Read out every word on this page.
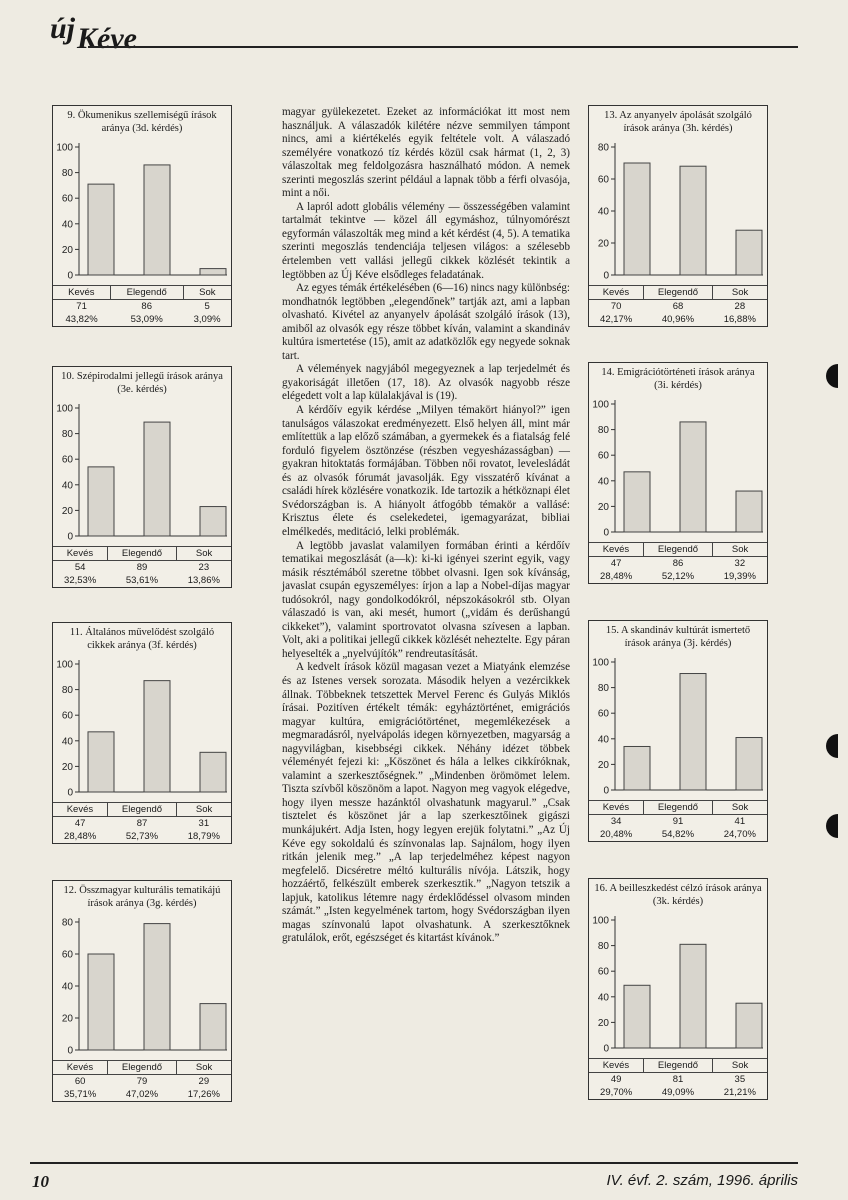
újKéve
9. Ökumenikus szellemiségű írások aránya (3d. kérdés)
100
80
60
40
20
0
Kevés	Elegendő	Sok
71	86	5
43,82%	53,09%	3,09%
10. Szépirodalmi jellegű írások aránya (3e. kérdés)
100
80
60
40
20
0
Kevés	Elegendő	Sok
54	89	23
32,53%	53,61%	13,86%
11. Általános művelődést szolgáló cikkek aránya (3f. kérdés)
100
80
60
40
20
0
Kevés	Elegendő	Sok
47	87	31
28,48%	52,73%	18,79%
12. Összmagyar kulturális tematikájú írások aránya (3g. kérdés)
80
60
40
20
0
Kevés	Elegendő	Sok
60	79	29
35,71%	47,02%	17,26%
13. Az anyanyelv ápolását szolgáló írások aránya (3h. kérdés)
80
60
40
20
0
Kevés	Elegendő	Sok
70	68	28
42,17%	40,96%	16,88%
14. Emigrációtörténeti írások aránya (3i. kérdés)
100
80
60
40
20
0
Kevés	Elegendő	Sok
47	86	32
28,48%	52,12%	19,39%
15. A skandináv kultúrát ismertető írások aránya (3j. kérdés)
100
80
60
40
20
0
Kevés	Elegendő	Sok
34	91	41
20,48%	54,82%	24,70%
16. A beilleszkedést célzó írások aránya (3k. kérdés)
100
80
60
40
20
0
Kevés	Elegendő	Sok
49	81	35
29,70%	49,09%	21,21%

magyar gyülekezetet. Ezeket az információkat itt most nem használjuk. A válaszadók kilétére nézve semmilyen támpont nincs, ami a kiértékelés egyik feltétele volt. A válaszadó személyére vonatkozó tíz kérdés közül csak hármat (1, 2, 3) válaszoltak meg feldolgozásra használható módon. A nemek szerinti megoszlás szerint például a lapnak több a férfi olvasója, mint a női.

A lapról adott globális vélemény — összességében valamint tartalmát tekintve — közel áll egymáshoz, túlnyomórészt egyformán válaszolták meg mind a két kérdést (4, 5). A tematika szerinti megoszlás tendenciája teljesen világos: a szélesebb értelemben vett vallási jellegű cikkek közlését tekintik a legtöbben az Új Kéve elsődleges feladatának.

Az egyes témák értékelésében (6—16) nincs nagy különbség: mondhatnók legtöbben „elegendőnek” tartják azt, ami a lapban olvasható. Kivétel az anyanyelv ápolását szolgáló írások (13), amiből az olvasók egy része többet kíván, valamint a skandináv kultúra ismertetése (15), amit az adatközlők egy negyede soknak tart.

A vélemények nagyjából megegyeznek a lap terjedelmét és gyakoriságát illetően (17, 18). Az olvasók nagyobb része elégedett volt a lap külalakjával is (19).

A kérdőív egyik kérdése „Milyen témakört hiányol?” igen tanulságos válaszokat eredményezett. Első helyen áll, mint már említettük a lap előző számában, a gyermekek és a fiatalság felé forduló figyelem ösztönzése (részben vegyesházasságban) — gyakran hitoktatás formájában. Többen női rovatot, levelesládát és az olvasók fórumát javasolják. Egy visszatérő kívánat a családi hírek közlésére vonatkozik. Ide tartozik a hétköznapi élet Svédországban is. A hiányolt átfogóbb témakör a vallásé: Krisztus élete és cselekedetei, igemagyarázat, bibliai elmélkedés, meditáció, lelki problémák.

A legtöbb javaslat valamilyen formában érinti a kérdőív tematikai megoszlását (a—k): ki-ki igényei szerint egyik, vagy másik résztémából szeretne többet olvasni. Igen sok kívánság, javaslat csupán egyszemélyes: írjon a lap a Nobel-díjas magyar tudósokról, nagy gondolkodókról, népszokásokról stb. Olyan válaszadó is van, aki mesét, humort („vidám és derűshangú cikkeket”), valamint sportrovatot olvasna szívesen a lapban. Volt, aki a politikai jellegű cikkek közlését neheztelte. Egy páran helyeselték a „nyelvújítók” rendreutasítását.

A kedvelt írások közül magasan vezet a Miatyánk elemzése és az Istenes versek sorozata. Második helyen a vezércikkek állnak. Többeknek tetszettek Mervel Ferenc és Gulyás Miklós írásai. Pozitíven értékelt témák: egyháztörténet, emigrációs magyar kultúra, emigrációtörténet, megemlékezések a megmaradásról, nyelvápolás idegen környezetben, magyarság a nagyvilágban, kisebbségi cikkek. Néhány idézet többek véleményét fejezi ki: „Köszönet és hála a lelkes cikkíróknak, valamint a szerkesztőségnek.” „Mindenben örömömet lelem. Tiszta szívből köszönöm a lapot. Nagyon meg vagyok elégedve, hogy ilyen messze hazánktól olvashatunk magyarul.” „Csak tisztelet és köszönet jár a lap szerkesztőinek gigászi munkájukért. Adja Isten, hogy legyen erejük folytatni.” „Az Új Kéve egy sokoldalú és színvonalas lap. Sajnálom, hogy ilyen ritkán jelenik meg.” „A lap terjedelméhez képest nagyon megfelelő. Dicséretre méltó kulturális nívója. Látszik, hogy hozzáértő, felkészült emberek szerkesztik.” „Nagyon tetszik a lapjuk, katolikus létemre nagy érdeklődéssel olvasom minden számát.” „Isten kegyelmének tartom, hogy Svédországban ilyen magas színvonalú lapot olvashatunk. A szerkesztőknek gratulálok, erőt, egészséget és kitartást kívánok.”

10	IV. évf. 2. szám, 1996. április
